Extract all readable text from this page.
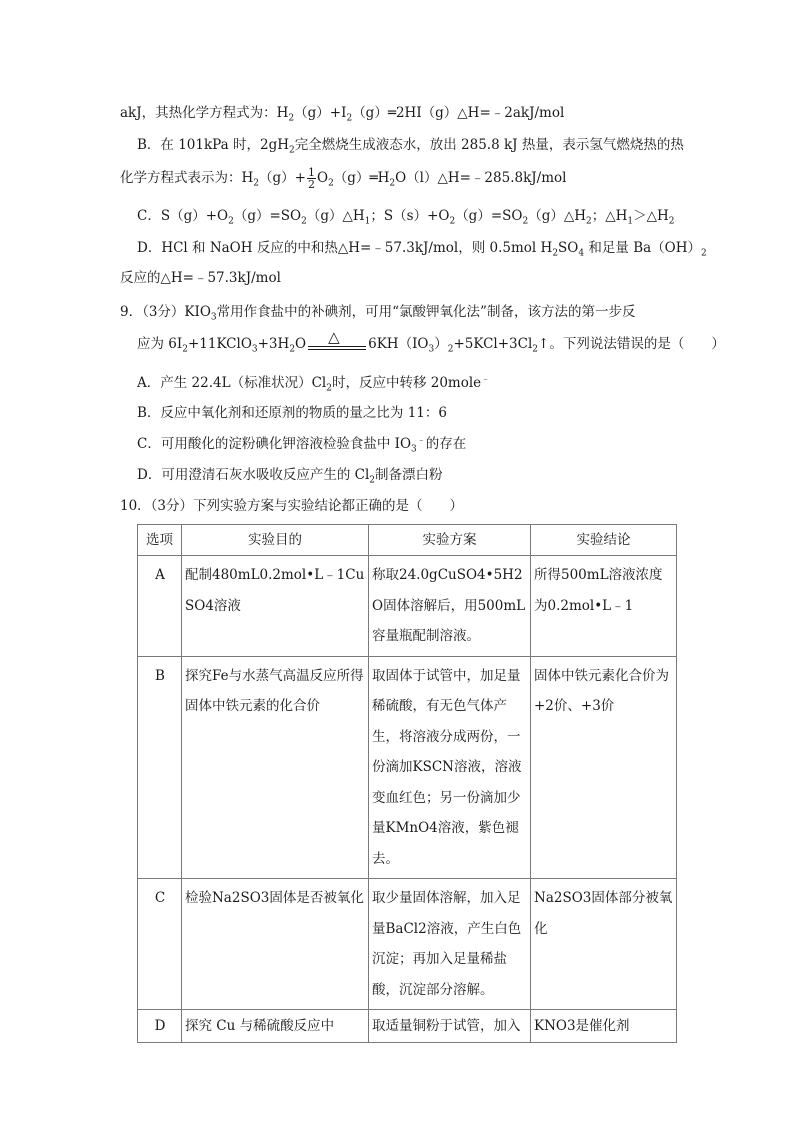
akJ，其热化学方程式为：$H_2(g)+I_2(g)═2HI(g)\triangle H=﹣2akJ$/mol
B．在 101kPa 时，$2gH_2$完全燃烧生成液态水，放出 285.8 kJ 热量，表示氢气燃烧热的热
化学方程式表示为：$H_2(g)+ \frac{1}{2}$ $O_2(g)═H_2O(l)\triangle H=﹣285.8kJ$/mol
C．$S(g)+O_2(g)=SO_2(g)\triangle H_1$；$S(s)+O_2(g)=SO_2(g)\triangle H_2$；$\triangle H_1>\triangle H_2$
D．HCl 和 NaOH 反应的中和热△H=﹣57.3kJ/mol，则 0.5mol $H_2SO_4$ 和足量 $Ba(OH)_2$
反应的△H=﹣57.3kJ/mol
9．（3分）$KIO_3$常用作食盐中的补碘剂，可用“氯酸钾氧化法”制备，该方法的第一步反
应为 $6I_2+11KClO_3+3H_2O$ △ $6KH(IO_3)_2+5KCl+3Cl_2↑$。下列说法错误的是（　　）
A．产生 22.4L（标准状况）$Cl_2$时，反应中转移 20mole﹣
B．反应中氧化剂和还原剂的物质的量之比为 11：6
C．可用酸化的淀粉碘化钾溶液检验食盐中 $IO_3^﹣$的存在
D．可用澄清石灰水吸收反应产生的 $Cl_2$制备漂白粉
10．（3分）下列实验方案与实验结论都正确的是（　　）
选项	实验目的	实验方案	实验结论
A	配制480mL0.2mol•L﹣1CuSO4溶液	称取24.0gCuSO4•5H2O固体溶解后，用500mL容量瓶配制溶液。	所得500mL溶液浓度为0.2mol•L﹣1
B	探究Fe与水蒸气高温反应所得固体中铁元素的化合价	取固体于试管中，加足量稀硫酸，有无色气体产生，将溶液分成两份，一份滴加KSCN溶液，溶液变血红色；另一份滴加少量KMnO4溶液，紫色褪去。	固体中铁元素化合价为+2价、+3价
C	检验Na2SO3固体是否被氧化	取少量固体溶解，加入足量BaCl2溶液，产生白色沉淀；再加入足量稀盐酸，沉淀部分溶解。	Na2SO3固体部分被氧化
D	探究 Cu 与稀硫酸反应中	取适量铜粉于试管，加入	KNO3是催化剂
